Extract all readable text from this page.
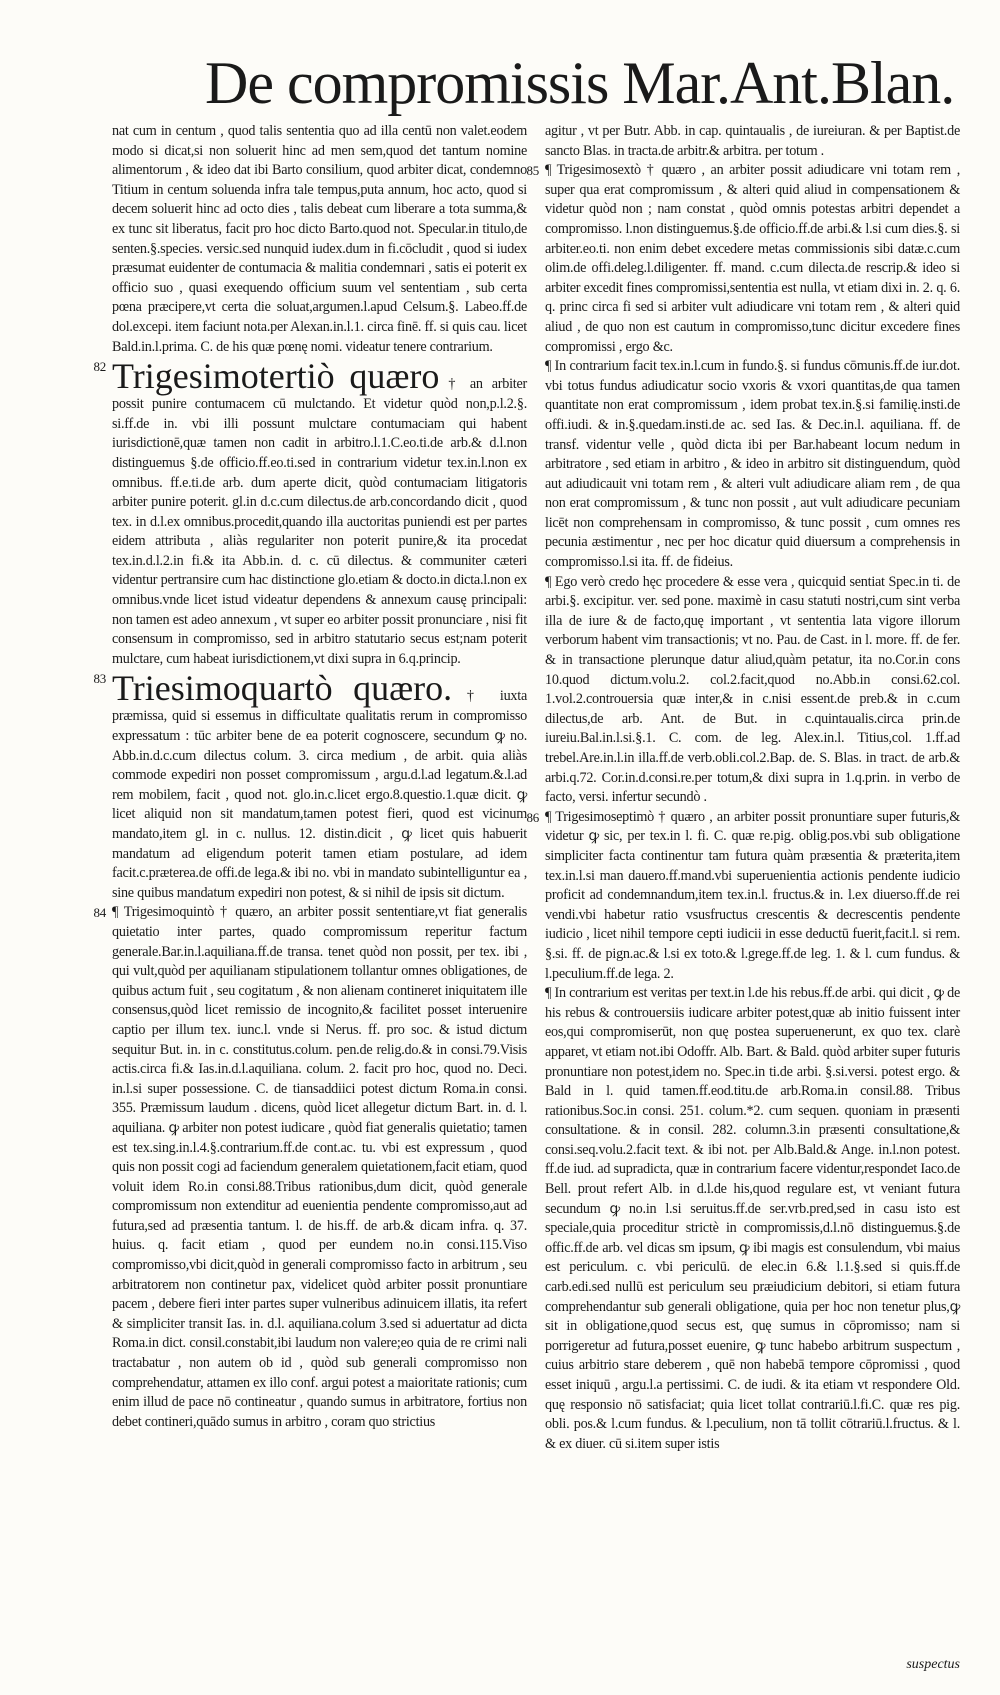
De compromissis Mar.Ant.Blan.

nat cum in centum , quod talis sententia quo ad illa centū non valet.eodem modo si dicat,si non soluerit hinc ad men sem,quod det tantum nomine alimentorum , & ideo dat ibi Barto consilium, quod arbiter dicat, condemno Titium in centum soluenda infra tale tempus,puta annum, hoc acto, quod si decem soluerit hinc ad octo dies , talis debeat cum liberare a tota summa,& ex tunc sit liberatus, facit pro hoc dicto Barto.quod not. Specular.in titulo,de senten.§.species. versic.sed nunquid iudex.dum in fi.cōcludit , quod si iudex præsumat euidenter de contumacia & malitia condemnari , satis ei poterit ex officio suo , quasi exequendo officium suum vel sententiam , sub certa pœna præcipere,vt certa die soluat,argumen.l.apud Celsum.§. Labeo.ff.de dol.excepi. item faciunt nota.per Alexan.in.l.1. circa finē. ff. si quis cau. licet Bald.in.l.prima. C. de his quæ pœnę nomi. videatur tenere contrarium.

82 Trigesimotertiò quæro † an arbiter possit punire contumacem cū mulctando. Et videtur quòd non,p.l.2.§. si.ff.de in. vbi illi possunt mulctare contumaciam qui habent iurisdictionē,quæ tamen non cadit in arbitro.l.1.C.eo.ti.de arb.& d.l.non distinguemus §.de officio.ff.eo.ti.sed in contrarium videtur tex.in.l.non ex omnibus. ff.e.ti.de arb. dum aperte dicit, quòd contumaciam litigatoris arbiter punire poterit. gl.in d.c.cum dilectus.de arb.concordando dicit , quod tex. in d.l.ex omnibus.procedit,quando illa auctoritas puniendi est per partes eidem attributa , aliàs regulariter non poterit punire,& ita procedat tex.in.d.l.2.in fi.& ita Abb.in. d. c. cū dilectus. & communiter cæteri videntur pertransire cum hac distinctione glo.etiam & docto.in dicta.l.non ex omnibus.vnde licet istud videatur dependens & annexum causę principali: non tamen est adeo annexum , vt super eo arbiter possit pronunciare , nisi fit consensum in compromisso, sed in arbitro statutario secus est;nam poterit mulctare, cum habeat iurisdictionem,vt dixi supra in 6.q.princip.

83 Triesimoquartò quæro. † iuxta præmissa, quid si essemus in difficultate qualitatis rerum in compromisso expressatum : tūc arbiter bene de ea poterit cognoscere, secundum ꝙ no. Abb.in.d.c.cum dilectus colum. 3. circa medium , de arbit. quia aliàs commode expediri non posset compromissum , argu.d.l.ad legatum.&.l.ad rem mobilem, facit , quod not. glo.in.c.licet ergo.8.questio.1.quæ dicit. ꝙ licet aliquid non sit mandatum,tamen potest fieri, quod est vicinum mandato,item gl. in c. nullus. 12. distin.dicit , ꝙ licet quis habuerit mandatum ad eligendum poterit tamen etiam postulare, ad idem facit.c.præterea.de offi.de lega.& ibi no. vbi in mandato subintelliguntur ea , sine quibus mandatum expediri non potest, & si nihil de ipsis sit dictum.

84 ¶ Trigesimoquintò † quæro, an arbiter possit sententiare,vt fiat generalis quietatio inter partes, quado compromissum reperitur factum generale.Bar.in.l.aquiliana.ff.de transa. tenet quòd non possit, per tex. ibi , qui vult,quòd per aquilianam stipulationem tollantur omnes obligationes, de quibus actum fuit , seu cogitatum , & non alienam contineret iniquitatem ille consensus,quòd licet remissio de incognito,& facilitet posset interuenire captio per illum tex. iunc.l. vnde si Nerus. ff. pro soc. & istud dictum sequitur But. in. in c. constitutus.colum. pen.de relig.do.& in consi.79.Visis actis.circa fi.& Ias.in.d.l.aquiliana. colum. 2. facit pro hoc, quod no. Deci. in.l.si super possessione. C. de tiansaddiici potest dictum Roma.in consi. 355. Præmissum laudum . dicens, quòd licet allegetur dictum Bart. in. d. l. aquiliana. ꝙ arbiter non potest iudicare , quòd fiat generalis quietatio; tamen est tex.sing.in.l.4.§.contrarium.ff.de cont.ac. tu. vbi est expressum , quod quis non possit cogi ad faciendum generalem quietationem,facit etiam, quod voluit idem Ro.in consi.88.Tribus rationibus,dum dicit, quòd generale compromissum non extenditur ad euenientia pendente compromisso,aut ad futura,sed ad præsentia tantum. l. de his.ff. de arb.& dicam infra. q. 37. huius. q. facit etiam , quod per eundem no.in consi.115.Viso compromisso,vbi dicit,quòd in generali compromisso facto in arbitrum , seu arbitratorem non continetur pax, videlicet quòd arbiter possit pronuntiare pacem , debere fieri inter partes super vulneribus adinuicem illatis, ita refert & simpliciter transit Ias. in. d.l. aquiliana.colum 3.sed si aduertatur ad dicta Roma.in dict. consil.constabit,ibi laudum non valere;eo quia de re crimi nali tractabatur , non autem ob id , quòd sub generali compromisso non comprehendatur, attamen ex illo conf. argui potest a maioritate rationis; cum enim illud de pace nō contineatur , quando sumus in arbitratore, fortius non debet contineri,quādo sumus in arbitro , coram quo strictius

agitur , vt per Butr. Abb. in cap. quintaualis , de iureiuran. & per Baptist.de sancto Blas. in tracta.de arbitr.& arbitra. per totum .

85 ¶ Trigesimosextò † quæro , an arbiter possit adiudicare vni totam rem , super qua erat compromissum , & alteri quid aliud in compensationem & videtur quòd non ; nam constat , quòd omnis potestas arbitri dependet a compromisso. l.non distinguemus.§.de officio.ff.de arbi.& l.si cum dies.§. si arbiter.eo.ti. non enim debet excedere metas commissionis sibi datæ.c.cum olim.de offi.deleg.l.diligenter. ff. mand. c.cum dilecta.de rescrip.& ideo si arbiter excedit fines compromissi,sententia est nulla, vt etiam dixi in. 2. q. 6. q. princ circa fi sed si arbiter vult adiudicare vni totam rem , & alteri quid aliud , de quo non est cautum in compromisso,tunc dicitur excedere fines compromissi , ergo &c.
¶ In contrarium facit tex.in.l.cum in fundo.§. si fundus cōmunis.ff.de iur.dot. vbi totus fundus adiudicatur socio vxoris & vxori quantitas,de qua tamen quantitate non erat compromissum , idem probat tex.in.§.si familię.insti.de offi.iudi. & in.§.quedam.insti.de ac. sed Ias. & Dec.in.l. aquiliana. ff. de transf. videntur velle , quòd dicta ibi per Bar.habeant locum nedum in arbitratore , sed etiam in arbitro , & ideo in arbitro sit distinguendum, quòd aut adiudicauit vni totam rem , & alteri vult adiudicare aliam rem , de qua non erat compromissum , & tunc non possit , aut vult adiudicare pecuniam licēt non comprehensam in compromisso, & tunc possit , cum omnes res pecunia æstimentur , nec per hoc dicatur quid diuersum a comprehensis in compromisso.l.si ita. ff. de fideius.
¶ Ego verò credo hęc procedere & esse vera , quicquid sentiat Spec.in ti. de arbi.§. excipitur. ver. sed pone. maximè in casu statuti nostri,cum sint verba illa de iure & de facto,quę important , vt sententia lata vigore illorum verborum habent vim transactionis; vt no. Pau. de Cast. in l. more. ff. de fer. & in transactione plerunque datur aliud,quàm petatur, ita no.Cor.in cons 10.quod dictum.volu.2. col.2.facit,quod no.Abb.in consi.62.col. 1.vol.2.controuersia quæ inter,& in c.nisi essent.de preb.& in c.cum dilectus,de arb. Ant. de But. in c.quintaualis.circa prin.de iureiu.Bal.in.l.si.§.1. C. com. de leg. Alex.in.l. Titius,col. 1.ff.ad trebel.Are.in.l.in illa.ff.de verb.obli.col.2.Bap. de. S. Blas. in tract. de arb.& arbi.q.72. Cor.in.d.consi.re.per totum,& dixi supra in 1.q.prin. in verbo de facto, versi. infertur secundò .

86 ¶ Trigesimoseptimò † quæro , an arbiter possit pronuntiare super futuris,& videtur ꝙ sic, per tex.in l. fi. C. quæ re.pig. oblig.pos.vbi sub obligatione simpliciter facta continentur tam futura quàm præsentia & præterita,item tex.in.l.si man dauero.ff.mand.vbi superuenientia actionis pendente iudicio proficit ad condemnandum,item tex.in.l. fructus.& in. l.ex diuerso.ff.de rei vendi.vbi habetur ratio vsusfructus crescentis & decrescentis pendente iudicio , licet nihil tempore cepti iudicii in esse deductū fuerit,facit.l. si rem. §.si. ff. de pign.ac.& l.si ex toto.& l.grege.ff.de leg. 1. & l. cum fundus. & l.peculium.ff.de lega. 2.
¶ In contrarium est veritas per text.in l.de his rebus.ff.de arbi. qui dicit , ꝙ de his rebus & controuersiis iudicare arbiter potest,quæ ab initio fuissent inter eos,qui compromiserūt, non quę postea superuenerunt, ex quo tex. clarè apparet, vt etiam not.ibi Odoffr. Alb. Bart. & Bald. quòd arbiter super futuris pronuntiare non potest,idem no. Spec.in ti.de arbi. §.si.versi. potest ergo. & Bald in l. quid tamen.ff.eod.titu.de arb.Roma.in consil.88. Tribus rationibus.Soc.in consi. 251. colum.*2. cum sequen. quoniam in præsenti consultatione. & in consil. 282. column.3.in præsenti consultatione,& consi.seq.volu.2.facit text. & ibi not. per Alb.Bald.& Ange. in.l.non potest. ff.de iud. ad supradicta, quæ in contrarium facere videntur,respondet Iaco.de Bell. prout refert Alb. in d.l.de his,quod regulare est, vt veniant futura secundum ꝙ no.in l.si seruitus.ff.de ser.vrb.pred,sed in casu isto est speciale,quia proceditur strictè in compromissis,d.l.nō distinguemus.§.de offic.ff.de arb. vel dicas sm ipsum, ꝙ ibi magis est consulendum, vbi maius est periculum. c. vbi periculū. de elec.in 6.& l.1.§.sed si quis.ff.de carb.edi.sed nullū est periculum seu præiudicium debitori, si etiam futura comprehendantur sub generali obligatione, quia per hoc non tenetur plus,ꝙ sit in obligatione,quod secus est, quę sumus in cōpromisso; nam si porrigeretur ad futura,posset euenire, ꝙ tunc habebo arbitrum suspectum , cuius arbitrio stare deberem , quē non habebā tempore cōpromissi , quod esset iniquū , argu.l.a pertissimi. C. de iudi. & ita etiam vt respondere Old. quę responsio nō satisfaciat; quia licet tollat contrariū.l.fi.C. quæ res pig. obli. pos.& l.cum fundus. & l.peculium, non tā tollit cōtrariū.l.fructus. & l. & ex diuer. cū si.item super istis

suspectus
